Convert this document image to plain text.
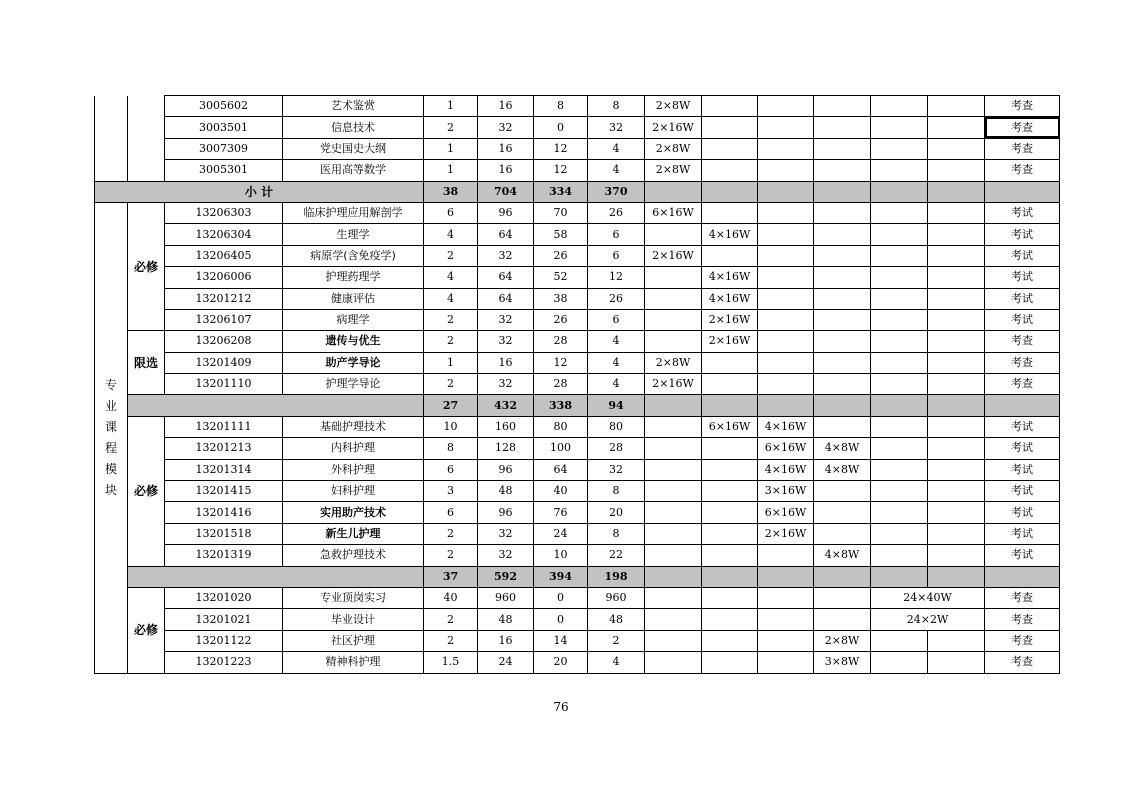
		3005602	艺术鉴赏	1	16	8	8	2×8W						考查
		3003501	信息技术	2	32	0	32	2×16W						考查
		3007309	党史国史大纲	1	16	12	4	2×8W						考查
		3005301	医用高等数学	1	16	12	4	2×8W						考查
小 计				38	704	334	370							

专业课程模块	必修	13206303	临床护理应用解剖学	6	96	70	26	6×16W						考试
		13206304	生理学	4	64	58	6		4×16W					考试
		13206405	病原学(含免疫学)	2	32	26	6	2×16W						考试
		13206006	护理药理学	4	64	52	12		4×16W					考试
		13201212	健康评估	4	64	38	26		4×16W					考试
		13206107	病理学	2	32	26	6		2×16W					考试
	限选	13206208	遗传与优生	2	32	28	4		2×16W					考查
		13201409	助产学导论	1	16	12	4	2×8W						考查
		13201110	护理学导论	2	32	28	4	2×16W						考查
				27	432	338	94							
	必修	13201111	基础护理技术	10	160	80	80		6×16W	4×16W				考试
		13201213	内科护理	8	128	100	28			6×16W	4×8W			考试
		13201314	外科护理	6	96	64	32			4×16W	4×8W			考试
		13201415	妇科护理	3	48	40	8			3×16W				考试
		13201416	实用助产技术	6	96	76	20			6×16W				考试
		13201518	新生儿护理	2	32	24	8			2×16W				考试
		13201319	急救护理技术	2	32	10	22				4×8W			考试
				37	592	394	198							
	必修	13201020	专业顶岗实习	40	960	0	960					24×40W		考查
		13201021	毕业设计	2	48	0	48					24×2W		考查
		13201122	社区护理	2	16	14	2				2×8W			考查
		13201223	精神科护理	1.5	24	20	4				3×8W			考查
76
